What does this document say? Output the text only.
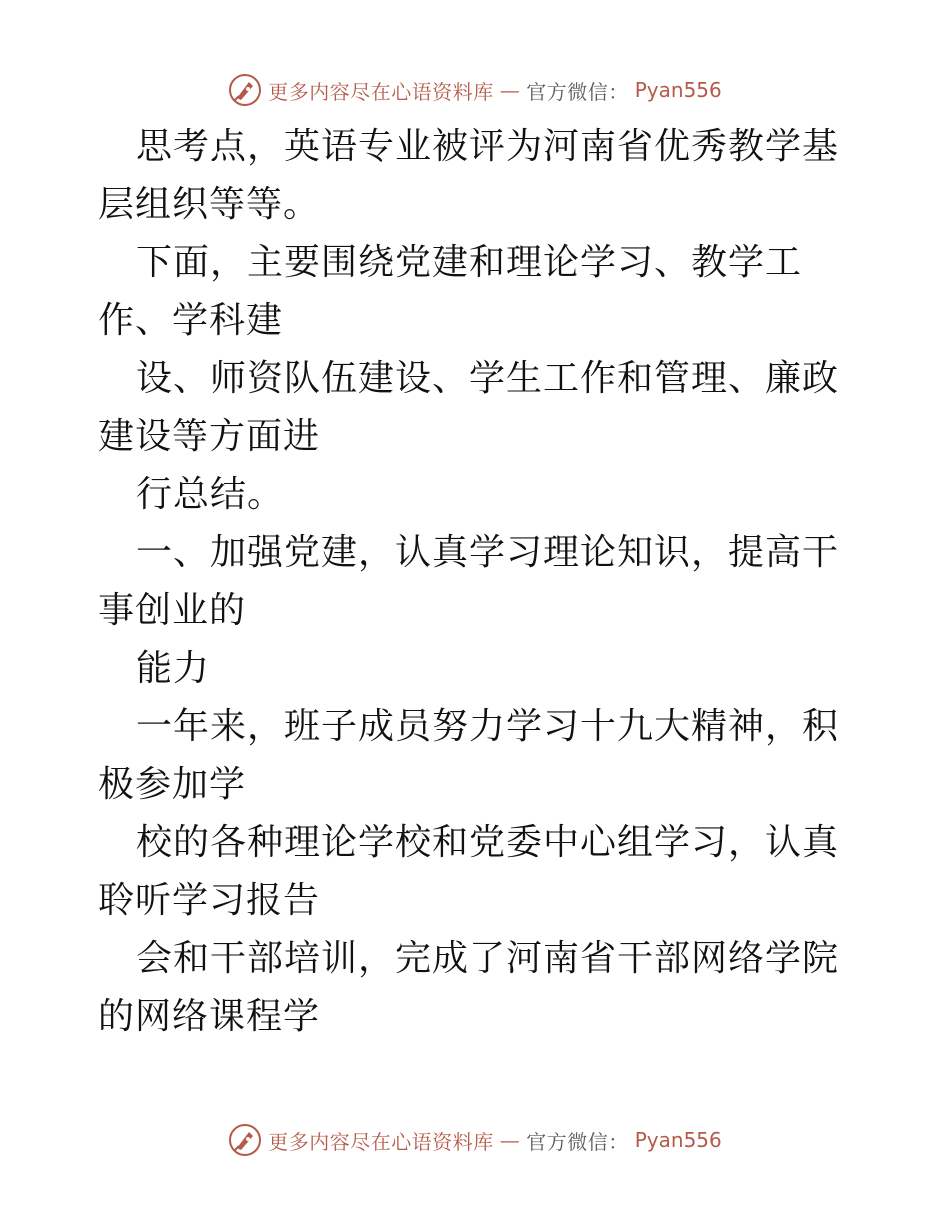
更多内容尽在心语资料库 — 官方微信： Pyan556

思考点，英语专业被评为河南省优秀教学基层组织等等。

下面，主要围绕党建和理论学习、教学工作、学科建

设、师资队伍建设、学生工作和管理、廉政建设等方面进

行总结。

一、加强党建，认真学习理论知识，提高干事创业的

能力

一年来，班子成员努力学习十九大精神，积极参加学

校的各种理论学校和党委中心组学习，认真聆听学习报告

会和干部培训，完成了河南省干部网络学院的网络课程学

更多内容尽在心语资料库 — 官方微信： Pyan556
